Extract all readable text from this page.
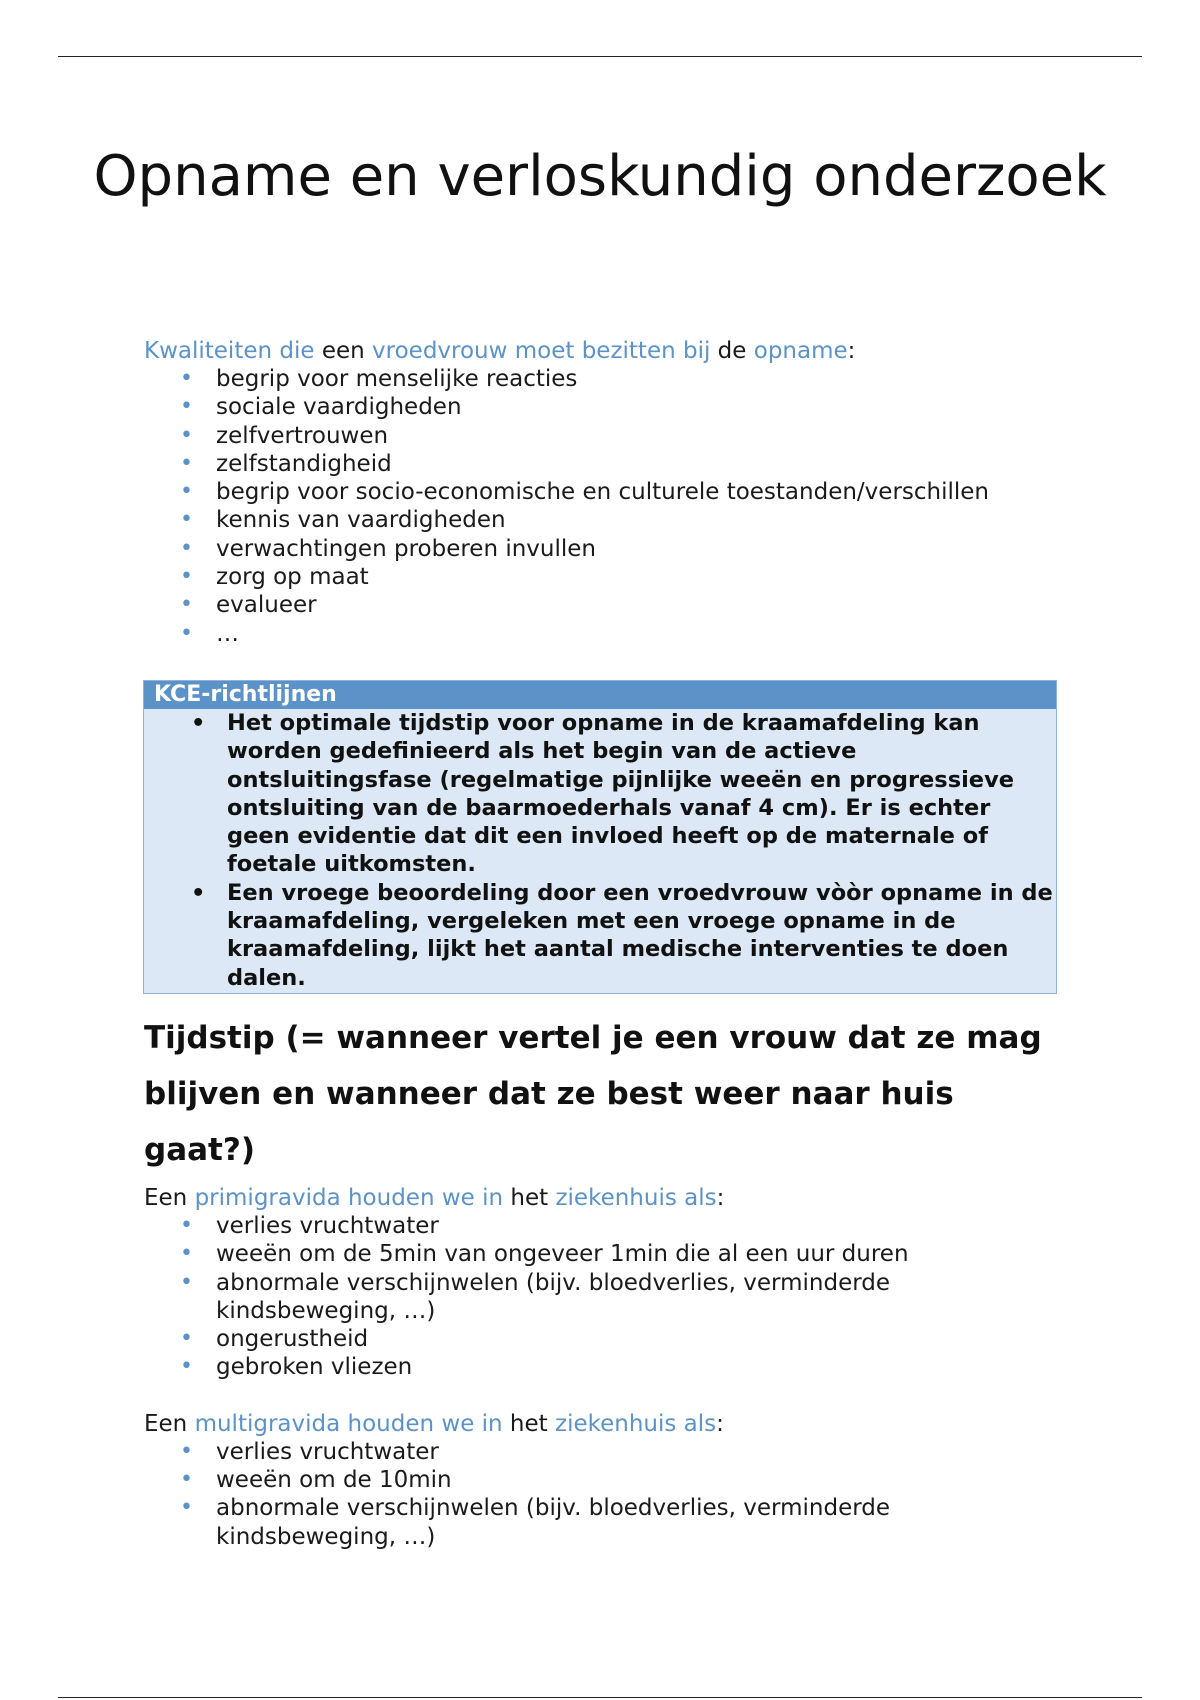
Opname en verloskundig onderzoek

Kwaliteiten die een vroedvrouw moet bezitten bij de opname:

• begrip voor menselijke reacties
• sociale vaardigheden
• zelfvertrouwen
• zelfstandigheid
• begrip voor socio-economische en culturele toestanden/verschillen
• kennis van vaardigheden
• verwachtingen proberen invullen
• zorg op maat
• evalueer
• …
KCE-richtlijnen
• Het optimale tijdstip voor opname in de kraamafdeling kan worden gedefinieerd als het begin van de actieve ontsluitingsfase (regelmatige pijnlijke weeën en progressieve ontsluiting van de baarmoederhals vanaf 4 cm). Er is echter geen evidentie dat dit een invloed heeft op de maternale of foetale uitkomsten.
• Een vroege beoordeling door een vroedvrouw vòòr opname in de kraamafdeling, vergeleken met een vroege opname in de kraamafdeling, lijkt het aantal medische interventies te doen dalen.
Tijdstip (= wanneer vertel je een vrouw dat ze mag blijven en wanneer dat ze best weer naar huis gaat?)

Een primigravida houden we in het ziekenhuis als:

• verlies vruchtwater
• weeën om de 5min van ongeveer 1min die al een uur duren
• abnormale verschijnwelen (bijv. bloedverlies, verminderde kindsbeweging, …)
• ongerustheid
• gebroken vliezen

Een multigravida houden we in het ziekenhuis als:

• verlies vruchtwater
• weeën om de 10min
• abnormale verschijnwelen (bijv. bloedverlies, verminderde kindsbeweging, …)
